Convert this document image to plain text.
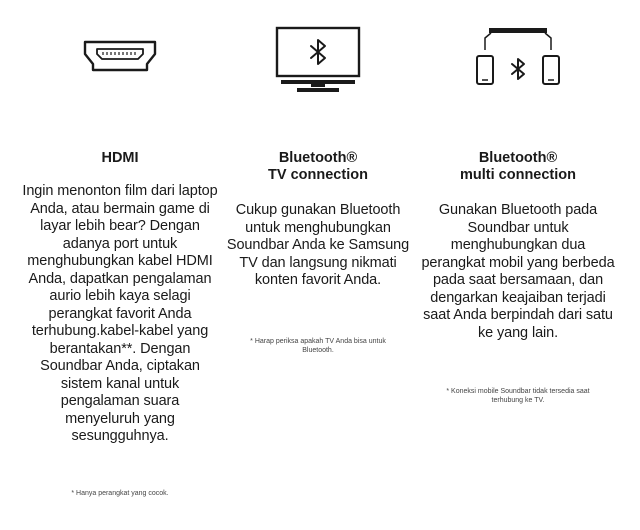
HDMI

Ingin menonton film dari laptop Anda, atau bermain game di layar lebih bear? Dengan adanya port untuk menghubungkan kabel HDMI Anda, dapatkan pengalaman aurio lebih kaya selagi perangkat favorit Anda terhubung.kabel-kabel yang berantakan**. Dengan Soundbar Anda, ciptakan sistem kanal untuk pengalaman suara menyeluruh yang sesungguhnya.

* Hanya perangkat yang cocok.

Bluetooth®
TV connection

Cukup gunakan Bluetooth untuk menghubungkan Soundbar Anda ke Samsung TV dan langsung nikmati konten favorit Anda.

* Harap periksa apakah TV Anda bisa untuk Bluetooth.

Bluetooth®
multi connection

Gunakan Bluetooth pada Soundbar untuk menghubungkan dua perangkat mobil yang berbeda pada saat bersamaan, dan dengarkan keajaiban terjadi saat Anda berpindah dari satu ke yang lain.

* Koneksi mobile Soundbar tidak tersedia saat terhubung ke TV.
